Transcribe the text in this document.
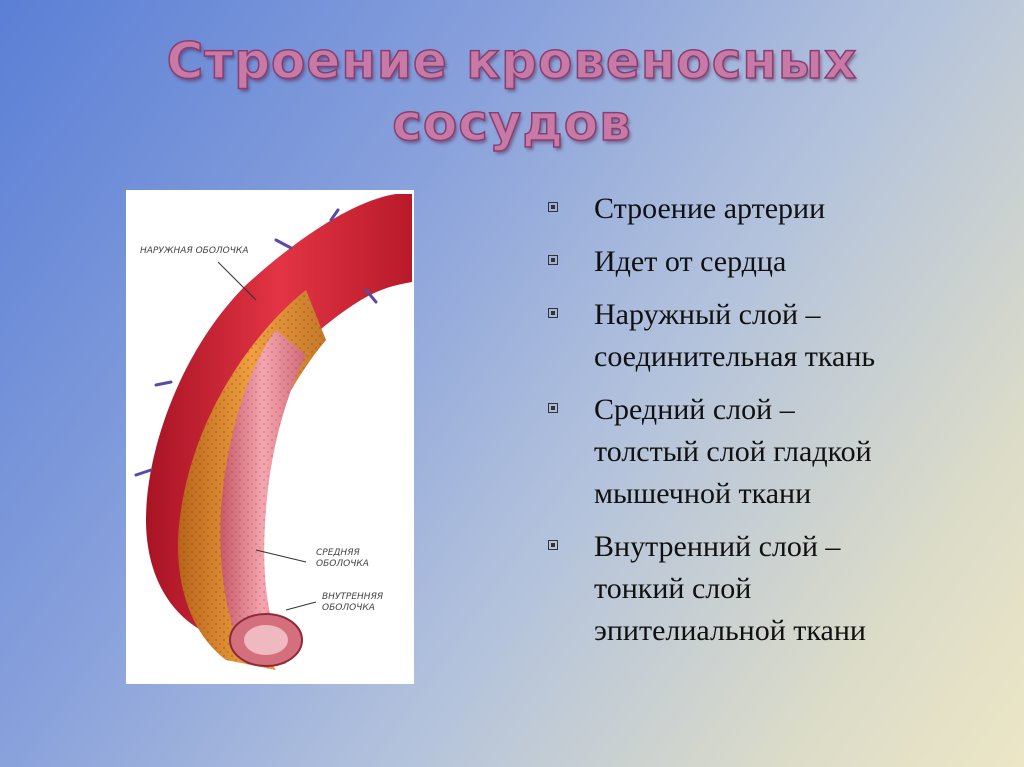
Строение кровеносных
сосудов
НАРУЖНАЯ ОБОЛОЧКА
СРЕДНЯЯ ОБОЛОЧКА
ВНУТРЕННЯЯ ОБОЛОЧКА
Строение артерии
Идет от сердца
Наружный слой –
соединительная ткань
Средний слой –
толстый слой гладкой
мышечной ткани
Внутренний слой –
тонкий слой
эпителиальной ткани
